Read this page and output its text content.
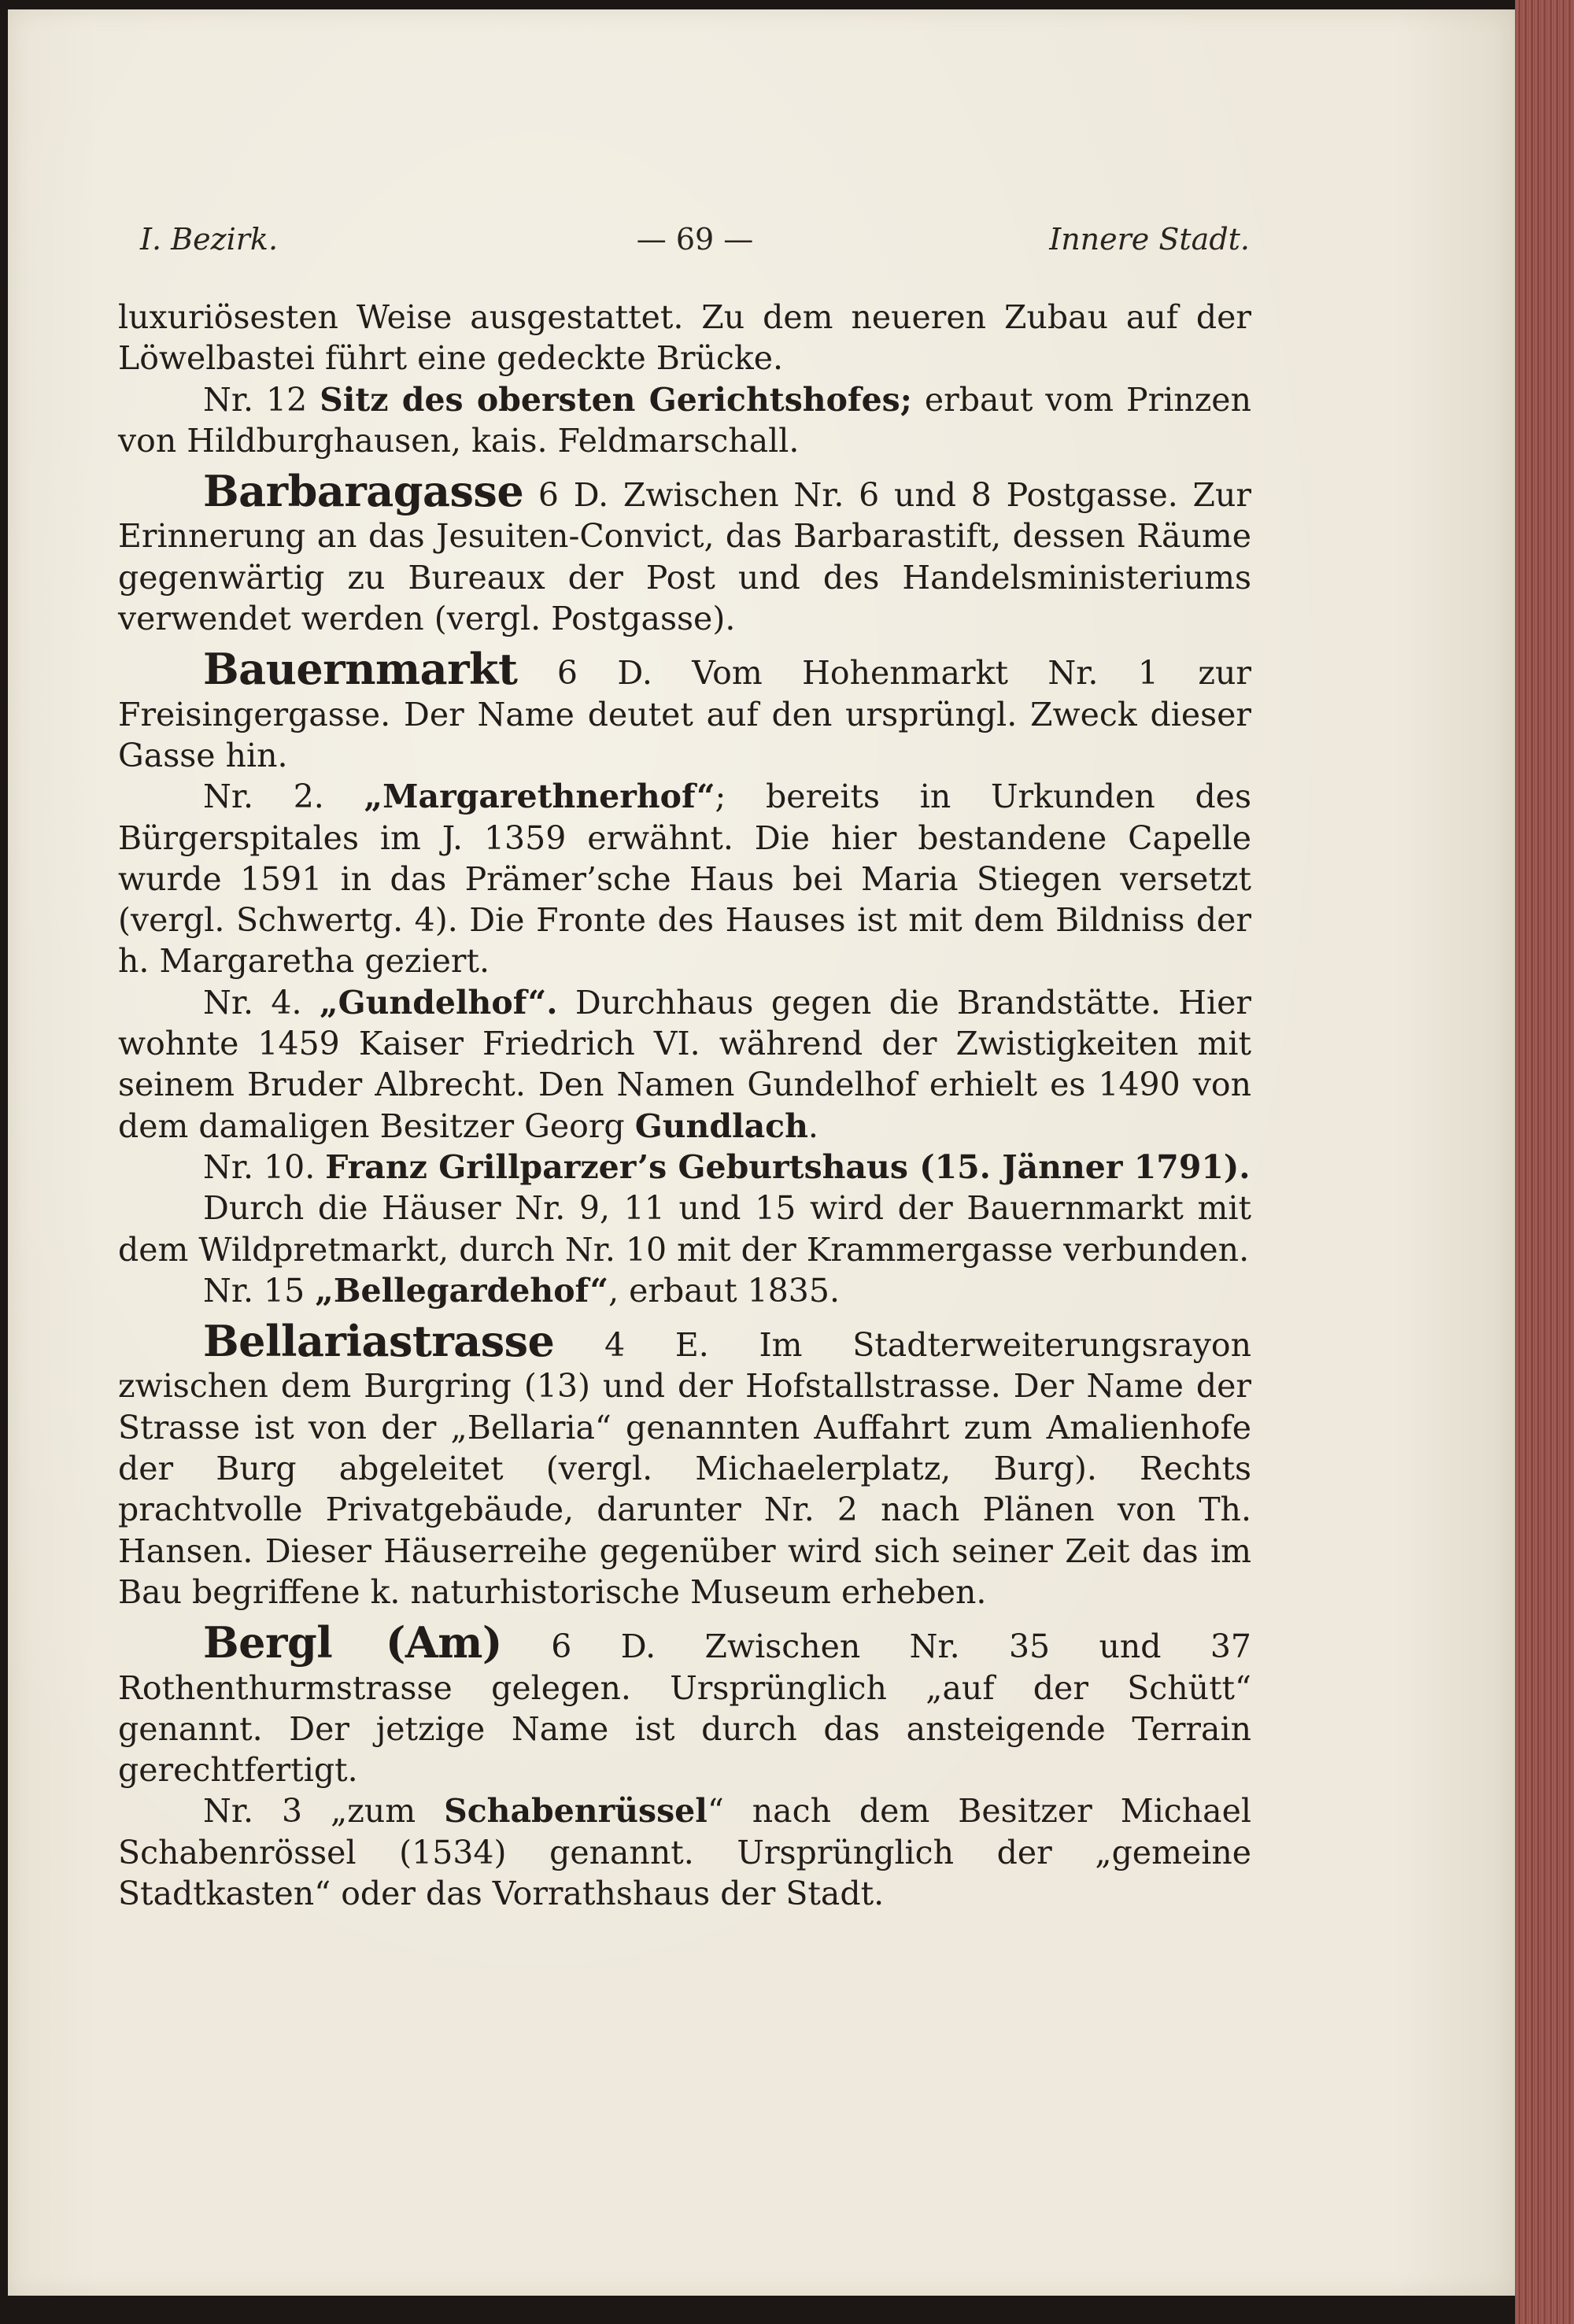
I. Bezirk.	— 69 —	Innere Stadt.

luxuriösesten Weise ausgestattet. Zu dem neueren Zubau auf der Löwelbastei führt eine gedeckte Brücke.

Nr. 12 Sitz des obersten Gerichtshofes; erbaut vom Prinzen von Hildburghausen, kais. Feldmarschall.

Barbaragasse 6 D. Zwischen Nr. 6 und 8 Postgasse. Zur Erinnerung an das Jesuiten-Convict, das Barbarastift, dessen Räume gegenwärtig zu Bureaux der Post und des Handelsministeriums verwendet werden (vergl. Postgasse).

Bauernmarkt 6 D. Vom Hohenmarkt Nr. 1 zur Freisingergasse. Der Name deutet auf den ursprüngl. Zweck dieser Gasse hin.

Nr. 2. „Margarethnerhof“; bereits in Urkunden des Bürgerspitales im J. 1359 erwähnt. Die hier bestandene Capelle wurde 1591 in das Prämer’sche Haus bei Maria Stiegen versetzt (vergl. Schwertg. 4). Die Fronte des Hauses ist mit dem Bildniss der h. Margaretha geziert.

Nr. 4. „Gundelhof“. Durchhaus gegen die Brandstätte. Hier wohnte 1459 Kaiser Friedrich VI. während der Zwistigkeiten mit seinem Bruder Albrecht. Den Namen Gundelhof erhielt es 1490 von dem damaligen Besitzer Georg Gundlach.

Nr. 10. Franz Grillparzer’s Geburtshaus (15. Jänner 1791).

Durch die Häuser Nr. 9, 11 und 15 wird der Bauernmarkt mit dem Wildpretmarkt, durch Nr. 10 mit der Krammergasse verbunden.

Nr. 15 „Bellegardehof“, erbaut 1835.

Bellariastrasse 4 E. Im Stadterweiterungsrayon zwischen dem Burgring (13) und der Hofstallstrasse. Der Name der Strasse ist von der „Bellaria“ genannten Auffahrt zum Amalienhofe der Burg abgeleitet (vergl. Michaelerplatz, Burg). Rechts prachtvolle Privatgebäude, darunter Nr. 2 nach Plänen von Th. Hansen. Dieser Häuserreihe gegenüber wird sich seiner Zeit das im Bau begriffene k. naturhistorische Museum erheben.

Bergl (Am) 6 D. Zwischen Nr. 35 und 37 Rothenthurmstrasse gelegen. Ursprünglich „auf der Schütt“ genannt. Der jetzige Name ist durch das ansteigende Terrain gerechtfertigt.

Nr. 3 „zum Schabenrüssel“ nach dem Besitzer Michael Schabenrössel (1534) genannt. Ursprünglich der „gemeine Stadtkasten“ oder das Vorrathshaus der Stadt.
